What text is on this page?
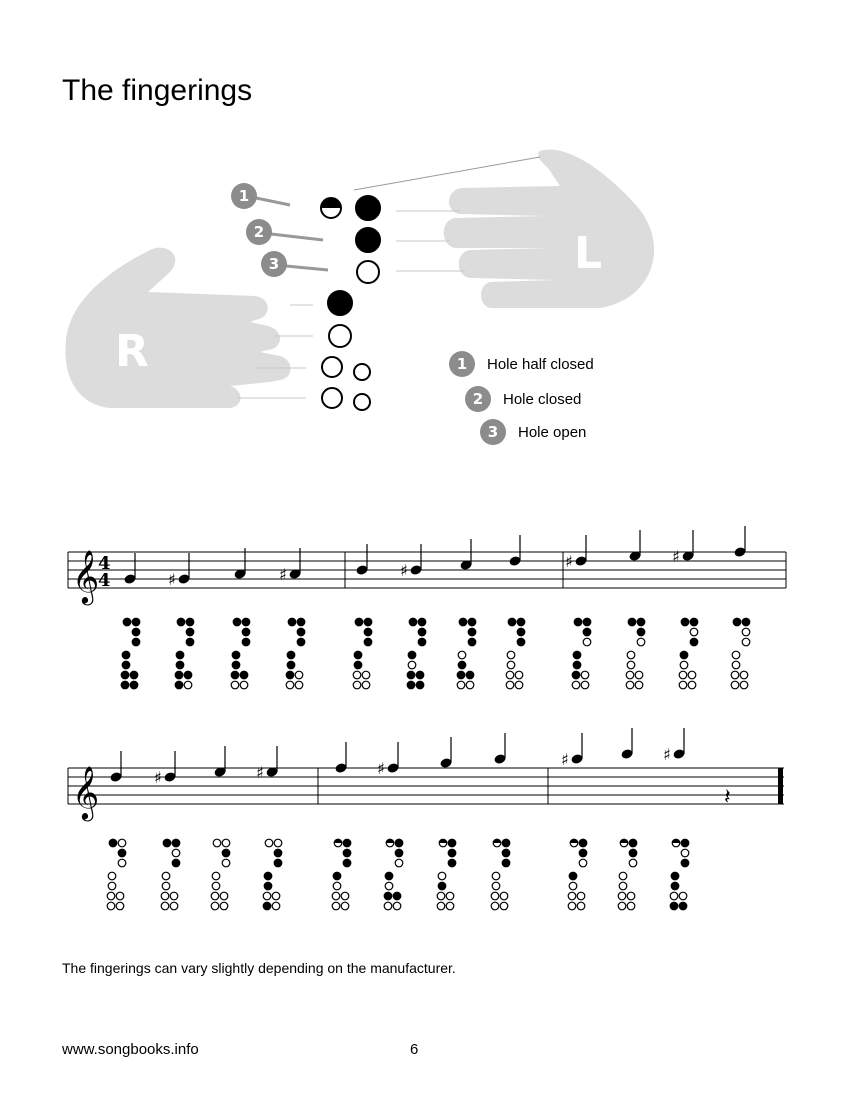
The fingerings
L
R
1
2
3
𝄞
4
4	♯	♯	♯	♯	♯
𝄞	♯	♯	♯	♯	♯
𝄽
1	Hole half closed
2	Hole closed
3	Hole open
The fingerings can vary slightly depending on the manufacturer.
www.songbooks.info	6
